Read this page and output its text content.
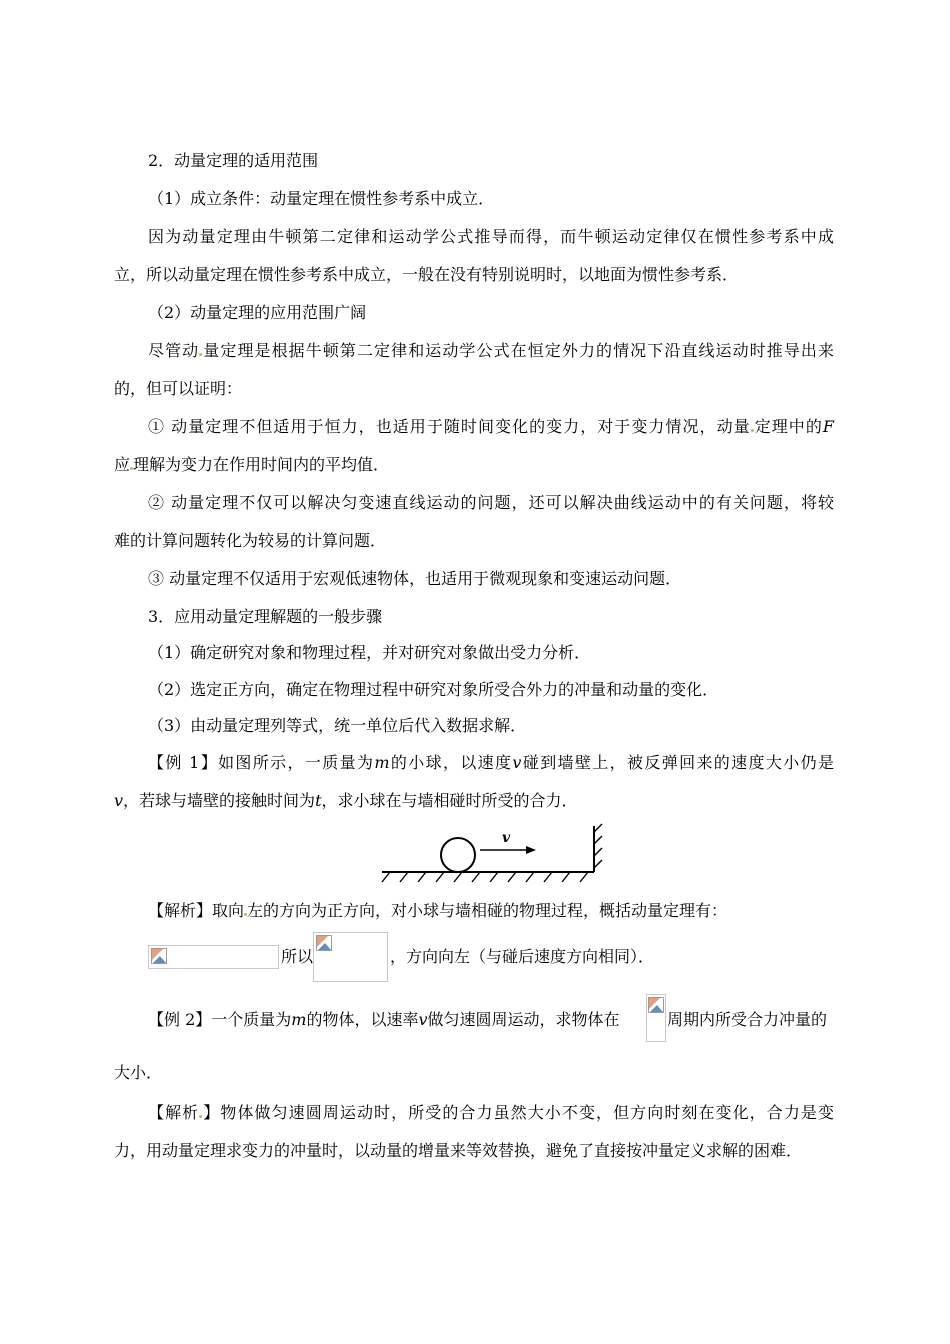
2．动量定理的适用范围
（1）成立条件：动量定理在惯性参考系中成立．
因为动量定理由牛顿第二定律和运动学公式推导而得，而牛顿运动定律仅在惯性参考系中成
立，所以动量定理在惯性参考系中成立，一般在没有特别说明时，以地面为惯性参考系．
（2）动量定理的应用范围广阔
尽管动 量定理是根据牛顿第二定律和运动学公式在恒定外力的情况下沿直线运动时推导出来
的，但可以证明：
① 动量定理不但适用于恒力，也适用于随时间变化的变力，对于变力情况，动量 定理中的F
应 理解为变力在作用时间内的平均值．
② 动量定理不仅可以解决匀变速直线运动的问题，还可以解决曲线运动中的有关问题，将较
难的计算问题转化为较易的计算问题．
③ 动量定理不仅适用于宏观低速物体，也适用于微观现象和变速运动问题．
3．应用动量定理解题的一般步骤
（1）确定研究对象和物理过程，并对研究对象做出受力分析．
（2）选定正方向，确定在物理过程中研究对象所受合外力的冲量和动量的变化．
（3）由动量定理列等式，统一单位后代入数据求解．
【例 1】如图所示，一质量为m的小球，以速度v碰到墙壁上，被反弹回来的速度大小仍是
v，若球与墙壁的接触时间为t，求小球在与墙相碰时所受的合力．
v
【解析】取向 左的方向为正方向，对小球与墙相碰的物理过程，概括动量定理有：
所以	，方向向左（与碰后速度方向相同）．
【例 2】一个质量为m的物体，以速率v做匀速圆周运动，求物体在	周期内所受合力冲量的
大小．
【解析 】物体做匀速圆周运动时，所受的合力虽然大小不变，但方向时刻在变化，合力是变
力，用动量定理求变力的冲量时，以动量的增量来等效替换，避免了直接按冲量定义求解的困难．
